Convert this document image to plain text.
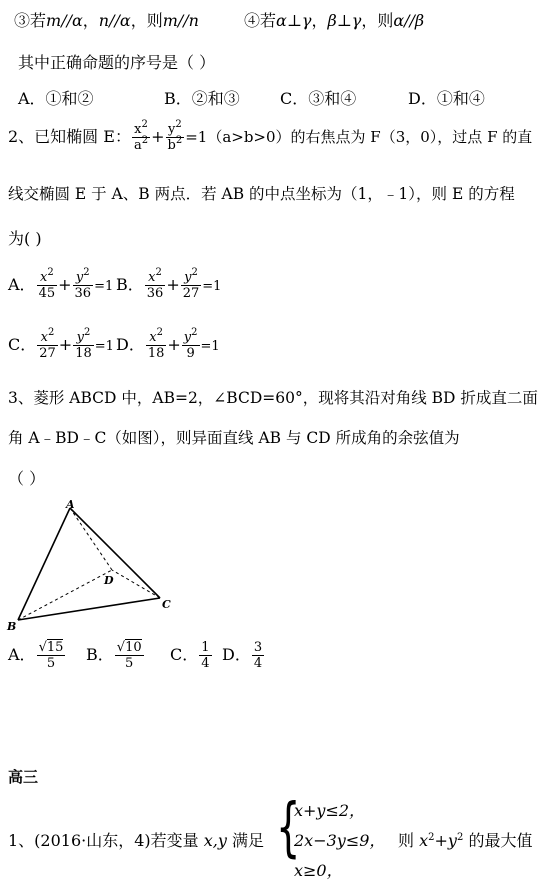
③若m//α，n//α，则m//n	④若α⊥γ，β⊥γ，则α//β
其中正确命题的序号是（ ）
A．①和②	B．②和③	C．③和④	D．①和④
2、已知椭圆 E： $\frac{x^2}{a^2} + \frac{y^2}{b^2} =1(a>b>0)$的右焦点为 F（3，0），过点 F 的直
线交椭圆 E 于 A、B 两点．若 AB 的中点坐标为（1，﹣1），则 E 的方程
为( )
A． $\frac{x^2}{45} + \frac{y^2}{36} =1$ B． $\frac{x^2}{36} + \frac{y^2}{27} =1$
C． $\frac{x^2}{27} + \frac{y^2}{18} =1$ D． $\frac{x^2}{18} + \frac{y^2}{9} =1$
3、菱形 ABCD 中，AB=2，∠BCD=60°，现将其沿对角线 BD 折成直二面
角 A﹣BD﹣C（如图），则异面直线 AB 与 CD 所成角的余弦值为
（ ）
A
B
C
D
A． $\frac{√15}{5}$ B． $\frac{√10}{5}$ C． $\frac{1}{4}$ D． $\frac{3}{4}$
高三
1、(2016·山东，4)若变量 x,y 满足 {
x+y≤2，
2x−3y≤9，
x≥0，
则 $x^2+y^2$ 的最大值
